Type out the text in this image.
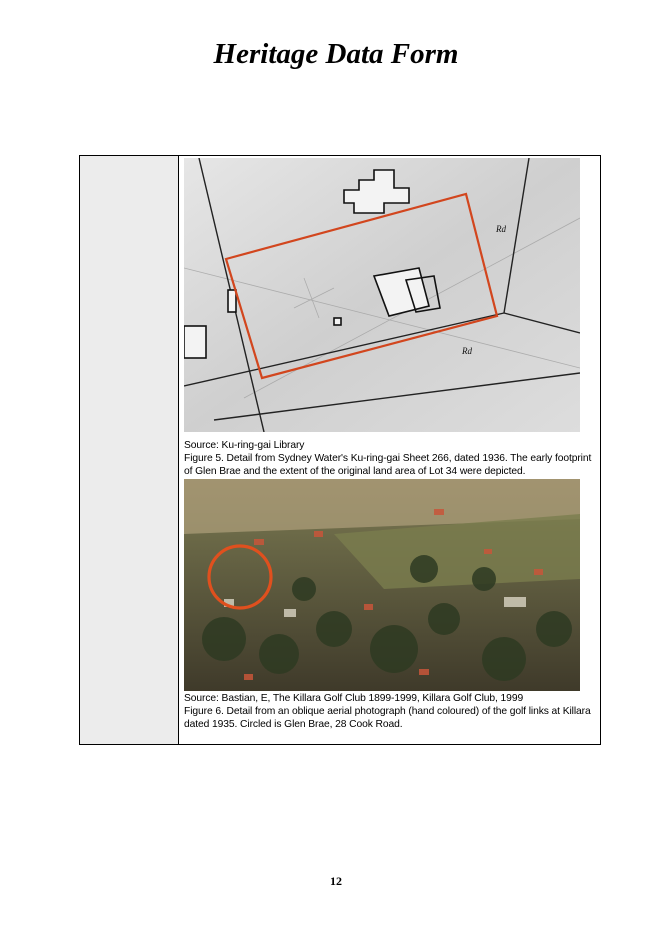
Heritage Data Form
Rd
Rd
Source: Ku-ring-gai Library
Figure 5. Detail from Sydney Water's Ku-ring-gai Sheet 266, dated 1936. The early footprint
of Glen Brae and the extent of the original land area of Lot 34 were depicted.
Source: Bastian, E, The Killara Golf Club 1899-1999, Killara Golf Club, 1999
Figure 6. Detail from an oblique aerial photograph (hand coloured) of the golf links at Killara
dated 1935. Circled is Glen Brae, 28 Cook Road.
12
